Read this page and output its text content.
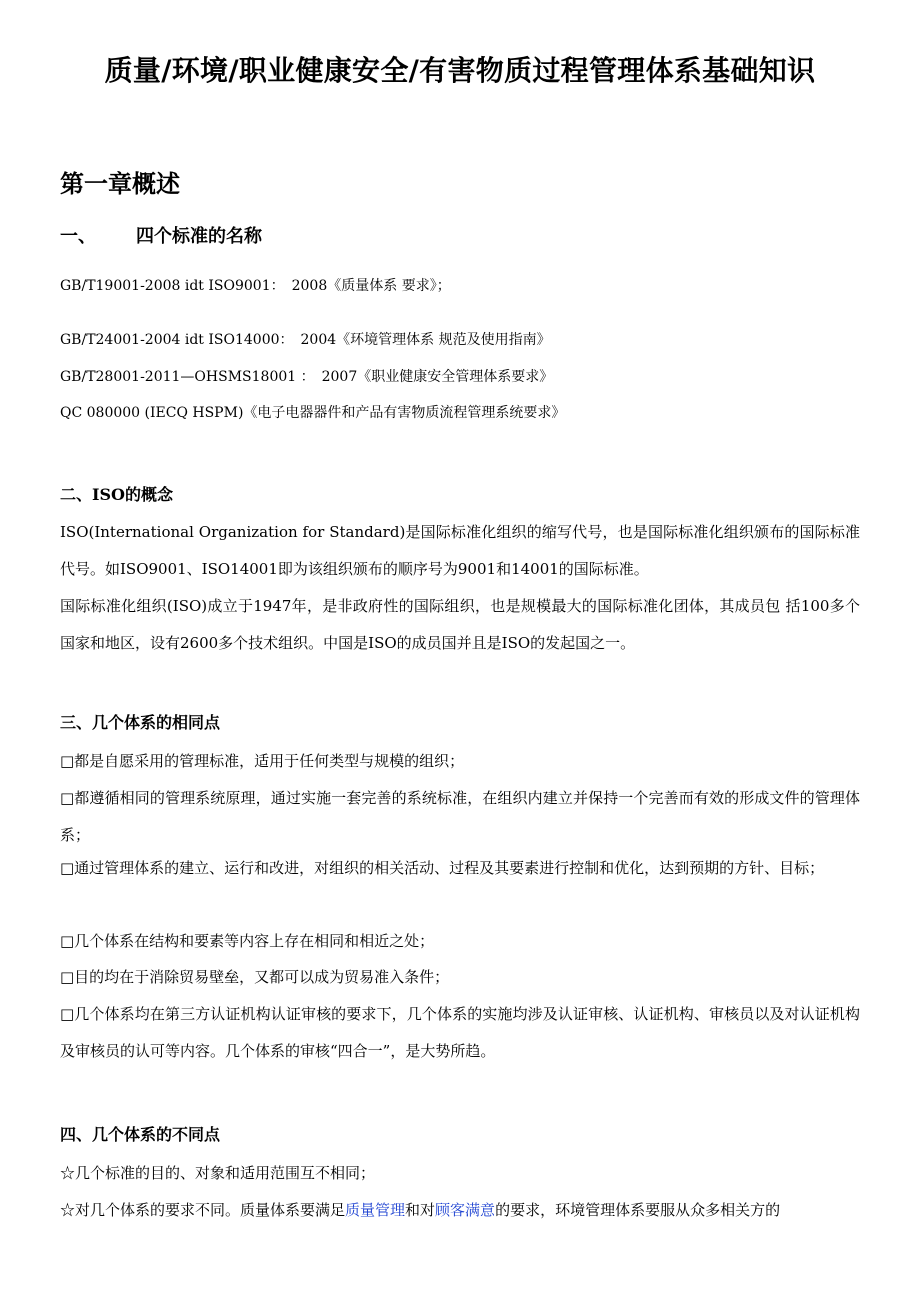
质量/环境/职业健康安全/有害物质过程管理体系基础知识
第一章概述
一、 四个标准的名称
GB/T19001-2008 idt ISO9001：　2008《质量体系 要求》；
GB/T24001-2004 idt ISO14000：　2004《环境管理体系 规范及使用指南》
GB/T28001-2011—OHSMS18001 ：　2007《职业健康安全管理体系要求》
QC 080000 (IECQ HSPM)《电子电器器件和产品有害物质流程管理系统要求》
二、ISO的概念
ISO(International Organization for Standard)是国际标准化组织的缩写代号，也是国际标准化组织颁布的国际标准 代号。如ISO9001、ISO14001即为该组织颁布的顺序号为9001和14001的国际标准。
国际标准化组织(ISO)成立于1947年，是非政府性的国际组织，也是规模最大的国际标准化团体，其成员包 括100多个国家和地区，设有2600多个技术组织。中国是ISO的成员国并且是ISO的发起国之一。
三、几个体系的相同点
□都是自愿采用的管理标准，适用于任何类型与规模的组织；
□都遵循相同的管理系统原理，通过实施一套完善的系统标准，在组织内建立并保持一个完善而有效的形成文件的管理体系；
□通过管理体系的建立、运行和改进，对组织的相关活动、过程及其要素进行控制和优化，达到预期的方针、目标；
□几个体系在结构和要素等内容上存在相同和相近之处；
□目的均在于消除贸易壁垒，又都可以成为贸易准入条件；
□几个体系均在第三方认证机构认证审核的要求下，几个体系的实施均涉及认证审核、认证机构、审核员以及对认证机构及审核员的认可等内容。几个体系的审核“四合一”，是大势所趋。
四、几个体系的不同点
☆几个标准的目的、对象和适用范围互不相同；
☆对几个体系的要求不同。质量体系要满足质量管理和对顾客满意的要求，环境管理体系要服从众多相关方的
